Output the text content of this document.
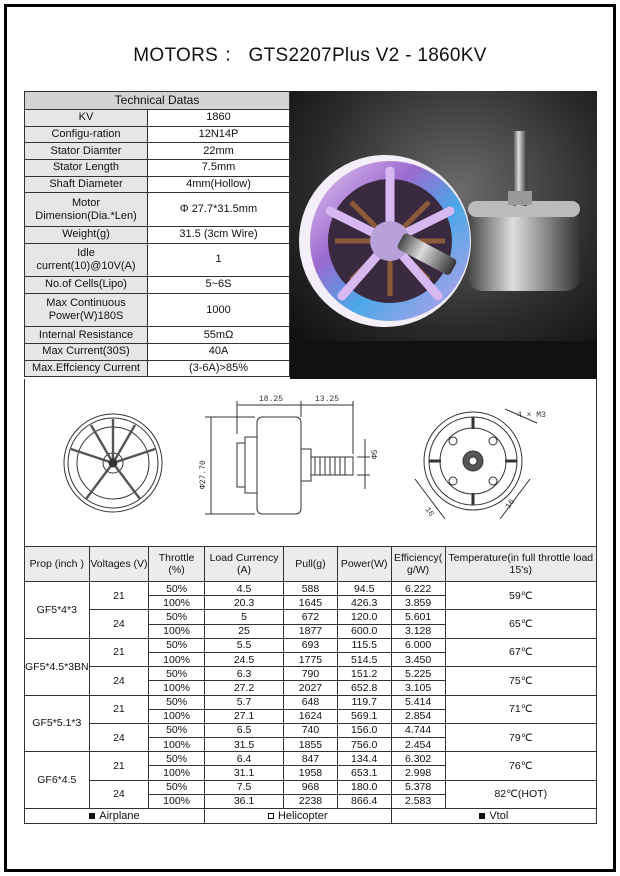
MOTORS ： GTS2207Plus V2 - 1860KV
Technical Datas	
KV	1860
Configu-ration	12N14P
Stator Diamter	22mm
Stator Length	7.5mm
Shaft Diameter	4mm(Hollow)
Motor Dimension(Dia.*Len)	Φ 27.7*31.5mm
Weight(g)	31.5 (3cm Wire)
Idle current(10)@10V(A)	1
No.of Cells(Lipo)	5~6S
Max Continuous Power(W)180S	1000
Internal Resistance	55mΩ
Max Current(30S)	40A
Max.Effciency Current	(3-6A)>85%
18.25	13.25
Φ5
Φ27.70
4 × M3
16
16
Prop (inch )	Voltages (V)	Throttle (%)	Load Currency (A)	Pull(g)	Power(W)	Efficiency( g/W)	Temperature(in full throttle load 15's)
GF5*4*3	21	50%	4.5	588	94.5	6.222	59℃
		100%	20.3	1645	426.3	3.859	
	24	50%	5	672	120.0	5.601	65℃
		100%	25	1877	600.0	3.128	
GF5*4.5*3BN	21	50%	5.5	693	115.5	6.000	67℃
		100%	24.5	1775	514.5	3.450	
	24	50%	6.3	790	151.2	5.225	75℃
		100%	27.2	2027	652.8	3.105	
GF5*5.1*3	21	50%	5.7	648	119.7	5.414	71℃
		100%	27.1	1624	569.1	2.854	
	24	50%	6.5	740	156.0	4.744	79℃
		100%	31.5	1855	756.0	2.454	
GF6*4.5	21	50%	6.4	847	134.4	6.302	76℃
		100%	31.1	1958	653.1	2.998	
	24	50%	7.5	968	180.0	5.378	82℃(HOT)
		100%	36.1	2238	866.4	2.583	
Airplane			Helicopter			Vtol	
